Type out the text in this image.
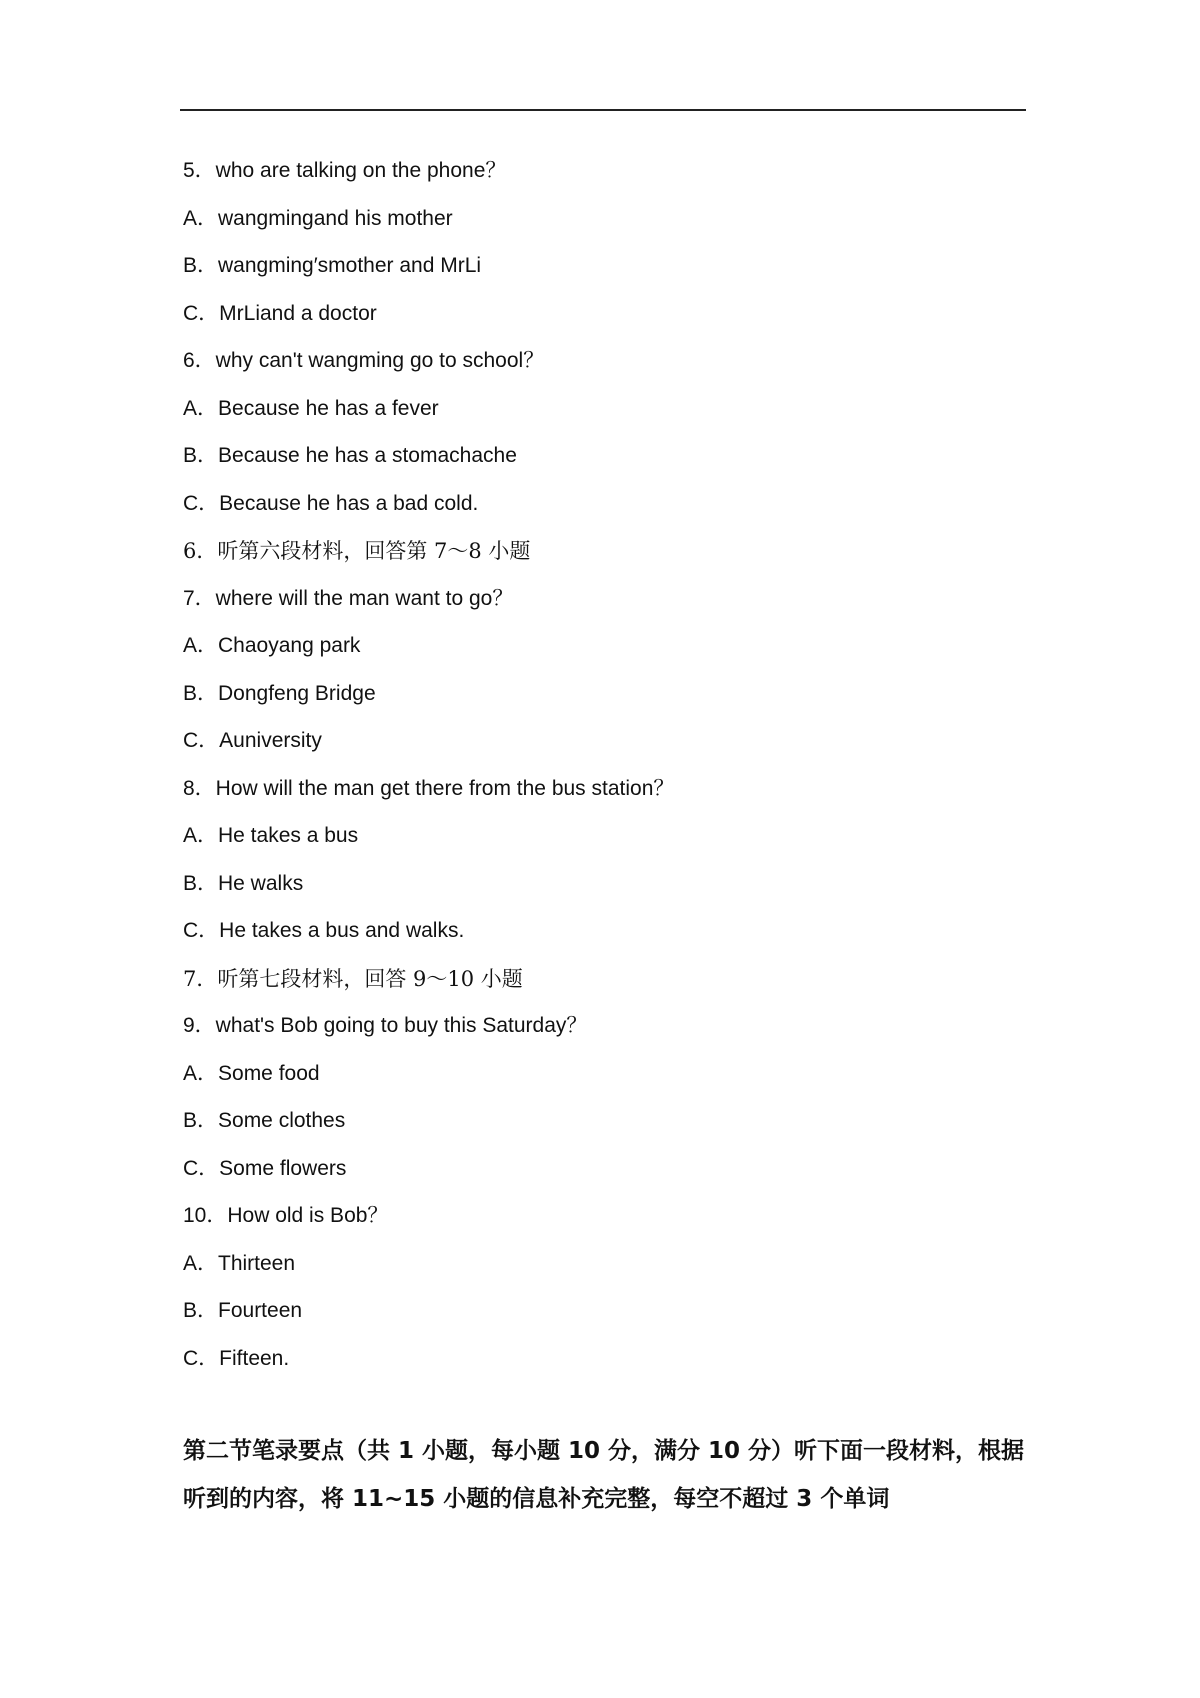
5．who are talking on the phone？
A．wangmingand his mother
B．wangming′smother and MrLi
C．MrLiand a doctor
6．why can't wangming go to school？
A．Because he has a fever
B．Because he has a stomachache
C．Because he has a bad cold.
6．听第六段材料，回答第 7～8 小题
7．where will the man want to go？
A．Chaoyang park
B．Dongfeng Bridge
C．Auniversity
8．How will the man get there from the bus station？
A．He takes a bus
B．He walks
C．He takes a bus and walks.
7．听第七段材料，回答 9～10 小题
9．what's Bob going to buy this Saturday？
A．Some food
B．Some clothes
C．Some flowers
10．How old is Bob？
A．Thirteen
B．Fourteen
C．Fifteen.

第二节笔录要点（共 1 小题，每小题 10 分，满分 10 分）听下面一段材料，根据听到的内容，将 11~15 小题的信息补充完整，每空不超过 3 个单词
